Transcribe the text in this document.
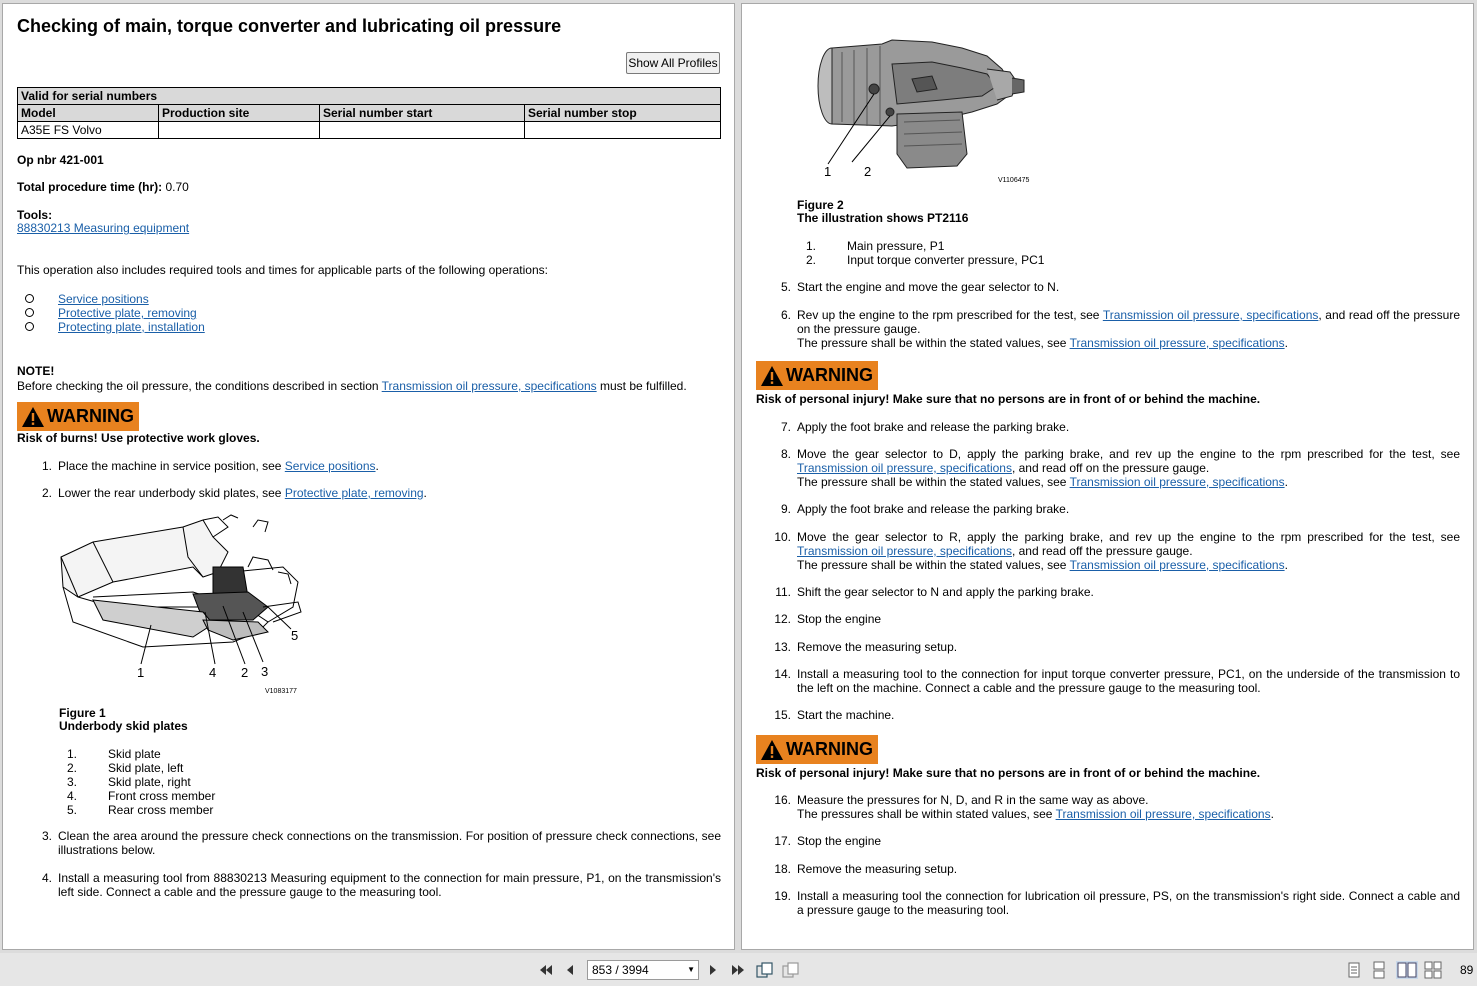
Checking of main, torque converter and lubricating oil pressure
Show All Profiles
Valid for serial numbers			
Model	Production site	Serial number start	Serial number stop
A35E FS Volvo			
Op nbr 421-001
Total procedure time (hr): 0.70
Tools:
88830213 Measuring equipment
This operation also includes required tools and times for applicable parts of the following operations:
Service positions
Protective plate, removing
Protecting plate, installation
NOTE!
Before checking the oil pressure, the conditions described in section Transmission oil pressure, specifications must be fulfilled.
WARNING
Risk of burns! Use protective work gloves.
1. Place the machine in service position, see Service positions.
2. Lower the rear underbody skid plates, see Protective plate, removing.
1	4 2 3
5
V1083177
Figure 1
Underbody skid plates
1.	Skid plate
2.	Skid plate, left
3.	Skid plate, right
4.	Front cross member
5.	Rear cross member
3. Clean the area around the pressure check connections on the transmission. For position of pressure check connections, see illustrations below.
4. Install a measuring tool from 88830213 Measuring equipment to the connection for main pressure, P1, on the transmission's left side. Connect a cable and the pressure gauge to the measuring tool.
1	2
V1106475
Figure 2
The illustration shows PT2116
1.	Main pressure, P1
2.	Input torque converter pressure, PC1
5. Start the engine and move the gear selector to N.
6. Rev up the engine to the rpm prescribed for the test, see Transmission oil pressure, specifications, and read off the pressure on the pressure gauge.
The pressure shall be within the stated values, see Transmission oil pressure, specifications.
WARNING
Risk of personal injury! Make sure that no persons are in front of or behind the machine.
7. Apply the foot brake and release the parking brake.
8. Move the gear selector to D, apply the parking brake, and rev up the engine to the rpm prescribed for the test, see Transmission oil pressure, specifications, and read off on the pressure gauge.
The pressure shall be within the stated values, see Transmission oil pressure, specifications.
9. Apply the foot brake and release the parking brake.
10. Move the gear selector to R, apply the parking brake, and rev up the engine to the rpm prescribed for the test, see Transmission oil pressure, specifications, and read off the pressure gauge.
The pressure shall be within the stated values, see Transmission oil pressure, specifications.
11. Shift the gear selector to N and apply the parking brake.
12. Stop the engine
13. Remove the measuring setup.
14. Install a measuring tool to the connection for input torque converter pressure, PC1, on the underside of the transmission to the left on the machine. Connect a cable and the pressure gauge to the measuring tool.
15. Start the machine.
WARNING
Risk of personal injury! Make sure that no persons are in front of or behind the machine.
16. Measure the pressures for N, D, and R in the same way as above.
The pressures shall be within stated values, see Transmission oil pressure, specifications.
17. Stop the engine
18. Remove the measuring setup.
19. Install a measuring tool the connection for lubrication oil pressure, PS, on the transmission's right side. Connect a cable and a pressure gauge to the measuring tool.
853 / 3994	▼	89
